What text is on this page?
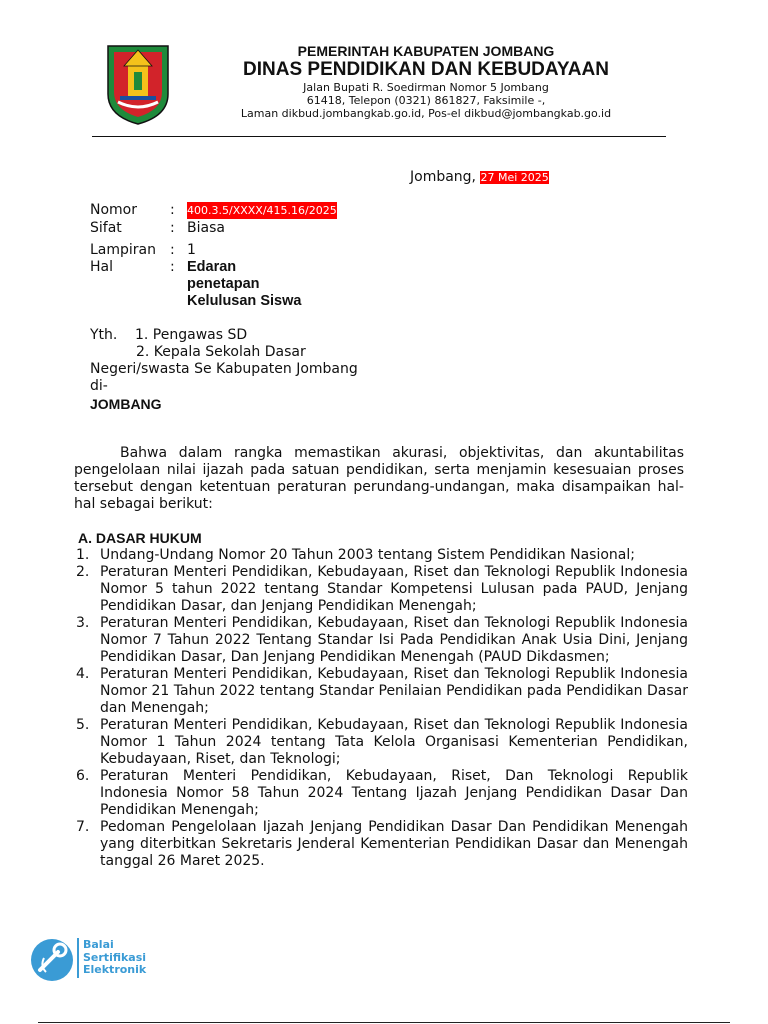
PEMERINTAH KABUPATEN JOMBANG
DINAS PENDIDIKAN DAN KEBUDAYAAN
Jalan Bupati R. Soedirman Nomor 5 Jombang
61418, Telepon (0321) 861827, Faksimile -,
Laman dikbud.jombangkab.go.id, Pos-el dikbud@jombangkab.go.id
Jombang, 27 Mei 2025
Nomor : 400.3.5/XXXX/415.16/2025
Sifat	: Biasa
Lampiran : 1
Hal	: Edaran
penetapan
Kelulusan Siswa
Yth. 1. Pengawas SD
2. Kepala Sekolah Dasar
Negeri/swasta Se Kabupaten Jombang
di-
JOMBANG
Bahwa dalam rangka memastikan akurasi, objektivitas, dan akuntabilitas pengelolaan nilai ijazah pada satuan pendidikan, serta menjamin kesesuaian proses tersebut dengan ketentuan peraturan perundang-undangan, maka disampaikan hal-hal sebagai berikut:
A. DASAR HUKUM
1. Undang-Undang Nomor 20 Tahun 2003 tentang Sistem Pendidikan Nasional;
2. Peraturan Menteri Pendidikan, Kebudayaan, Riset dan Teknologi Republik Indonesia Nomor 5 tahun 2022 tentang Standar Kompetensi Lulusan pada PAUD, Jenjang Pendidikan Dasar, dan Jenjang Pendidikan Menengah;
3. Peraturan Menteri Pendidikan, Kebudayaan, Riset dan Teknologi Republik Indonesia Nomor 7 Tahun 2022 Tentang Standar Isi Pada Pendidikan Anak Usia Dini, Jenjang Pendidikan Dasar, Dan Jenjang Pendidikan Menengah (PAUD Dikdasmen;
4. Peraturan Menteri Pendidikan, Kebudayaan, Riset dan Teknologi Republik Indonesia Nomor 21 Tahun 2022 tentang Standar Penilaian Pendidikan pada Pendidikan Dasar dan Menengah;
5. Peraturan Menteri Pendidikan, Kebudayaan, Riset dan Teknologi Republik Indonesia Nomor 1 Tahun 2024 tentang Tata Kelola Organisasi Kementerian Pendidikan, Kebudayaan, Riset, dan Teknologi;
6. Peraturan Menteri Pendidikan, Kebudayaan, Riset, Dan Teknologi Republik Indonesia Nomor 58 Tahun 2024 Tentang Ijazah Jenjang Pendidikan Dasar Dan Pendidikan Menengah;
7. Pedoman Pengelolaan Ijazah Jenjang Pendidikan Dasar Dan Pendidikan Menengah yang diterbitkan Sekretaris Jenderal Kementerian Pendidikan Dasar dan Menengah tanggal 26 Maret 2025.
Balai
Sertifikasi
Elektronik
